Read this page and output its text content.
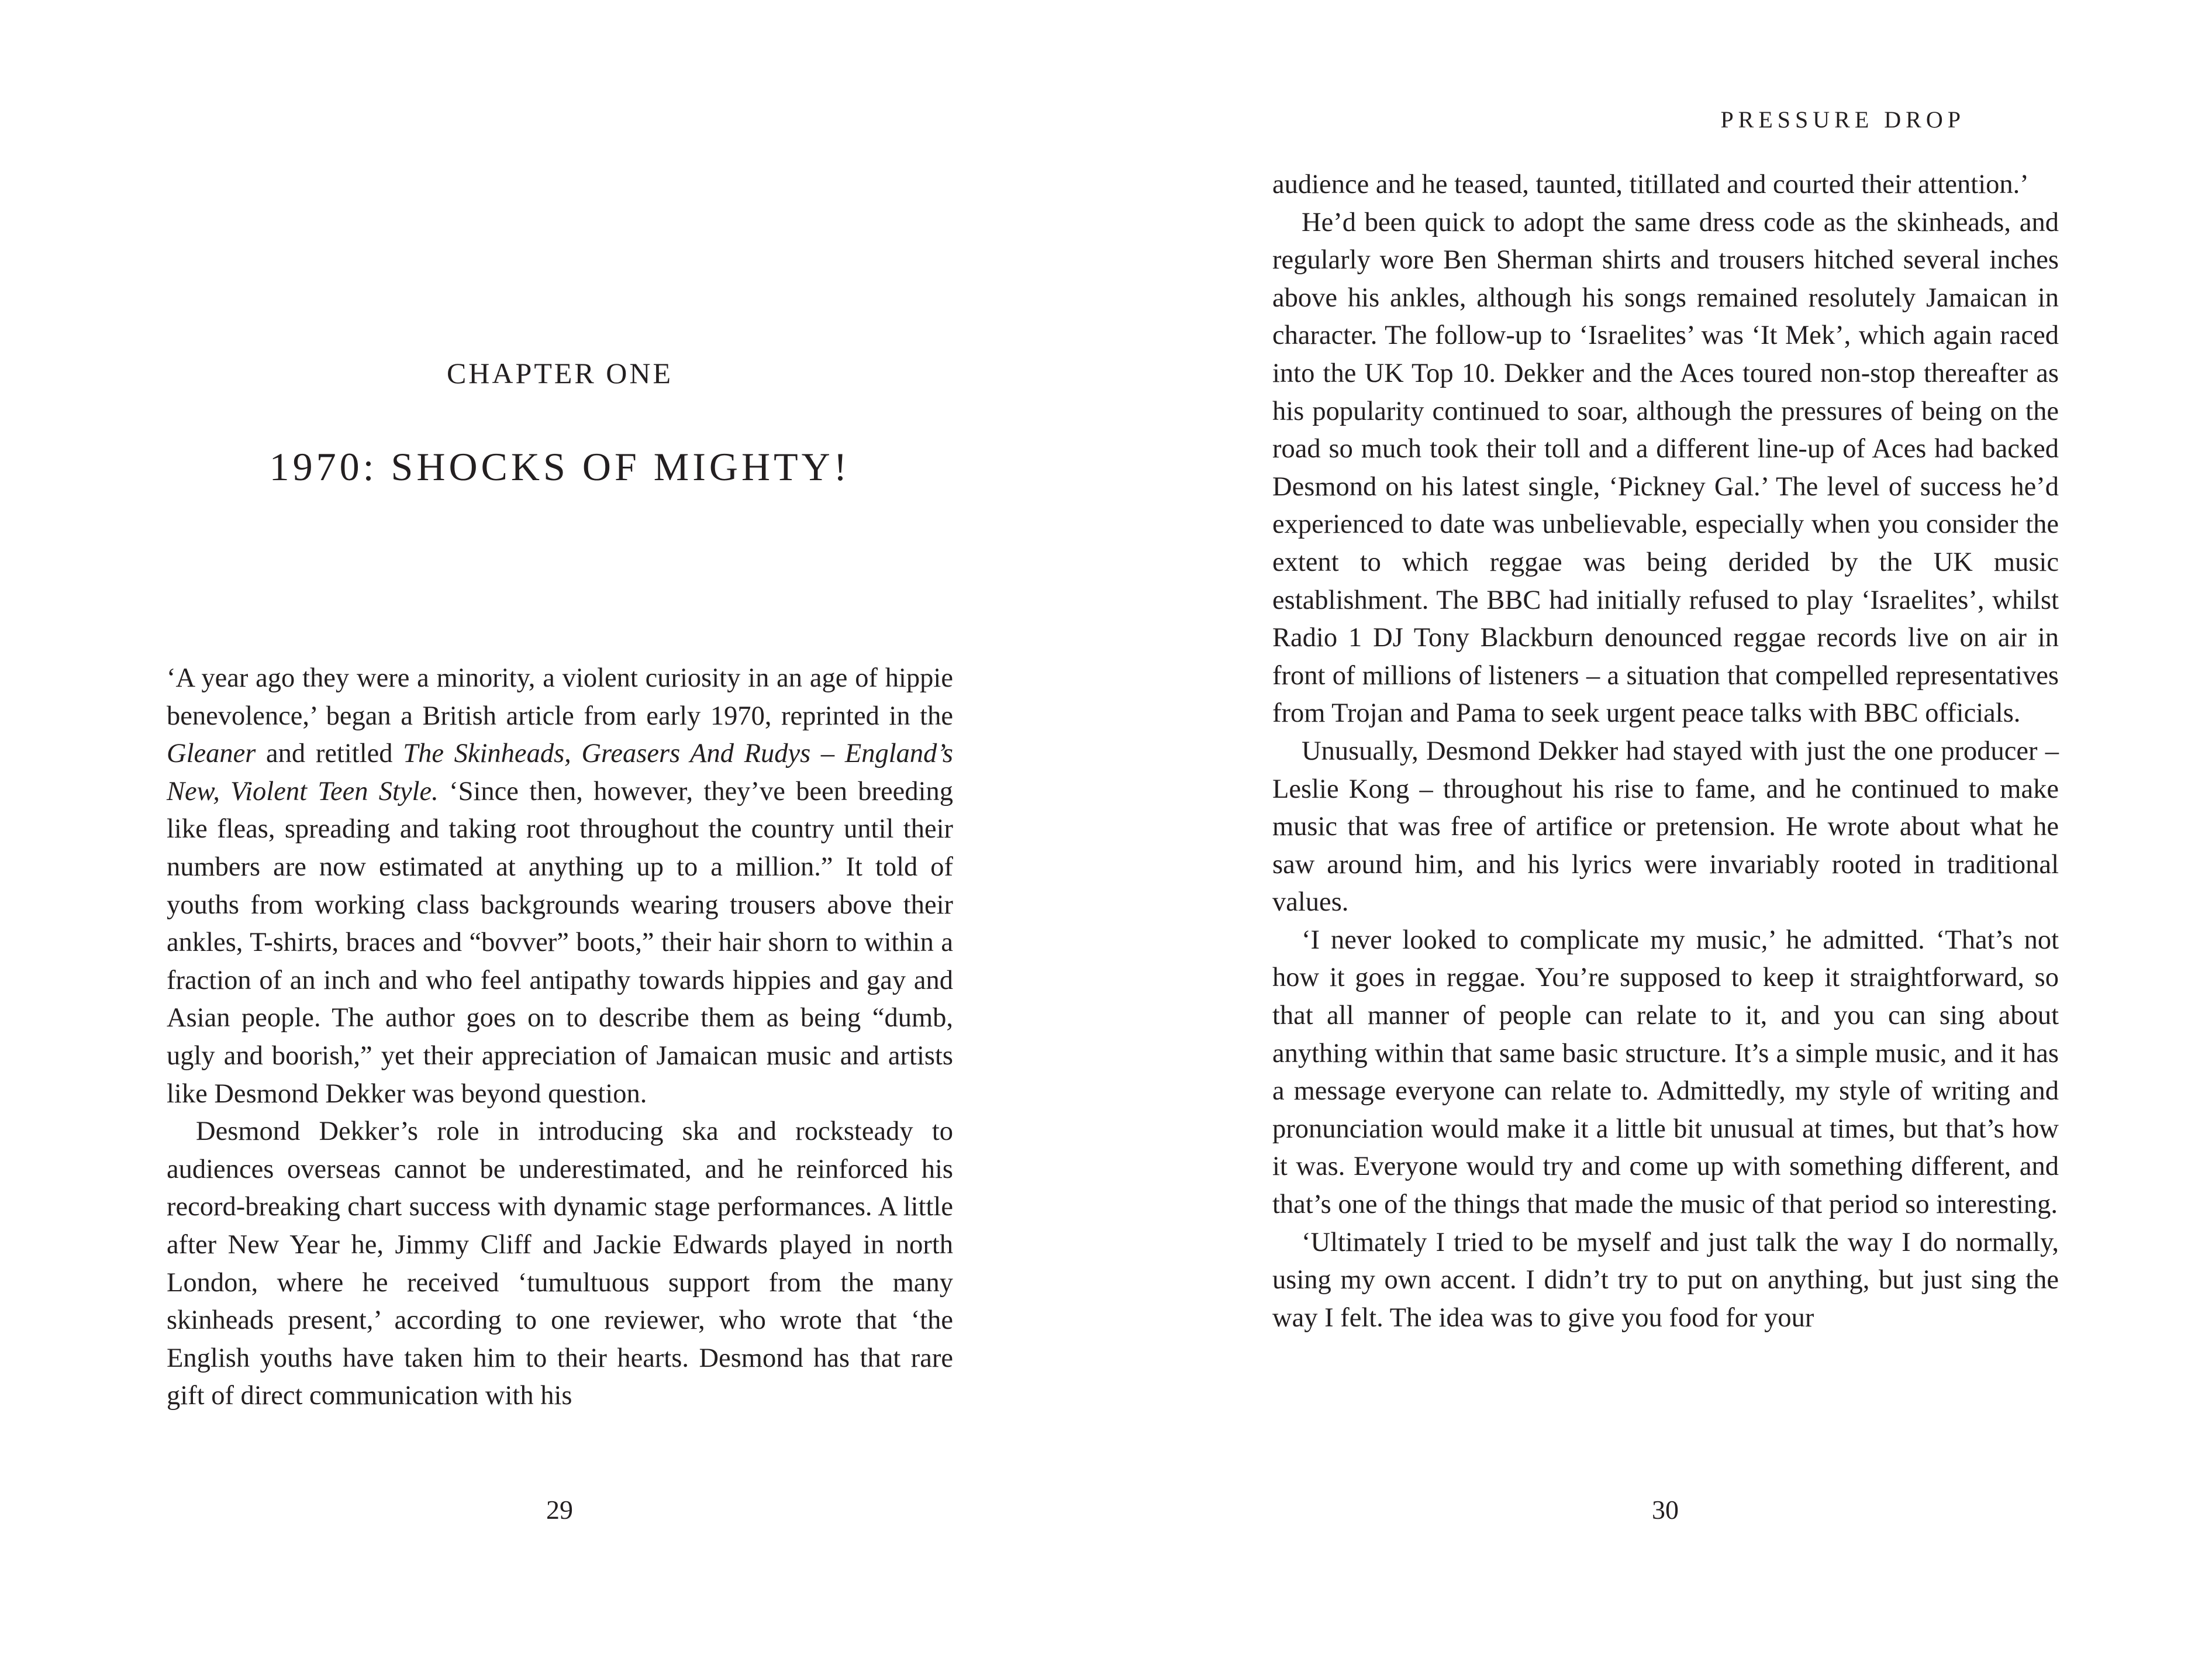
CHAPTER ONE
1970: SHOCKS OF MIGHTY!

‘A year ago they were a minority, a violent curiosity in an age of hippie benevolence,’ began a British article from early 1970, reprinted in the Gleaner and retitled The Skinheads, Greasers And Rudys – England’s New, Violent Teen Style. ‘Since then, however, they’ve been breeding like fleas, spreading and taking root throughout the country until their numbers are now estimated at anything up to a million.” It told of youths from working class backgrounds wearing trousers above their ankles, T-shirts, braces and “bovver” boots,” their hair shorn to within a fraction of an inch and who feel antipathy towards hippies and gay and Asian people. The author goes on to describe them as being “dumb, ugly and boorish,” yet their appreciation of Jamaican music and artists like Desmond Dekker was beyond question.

Desmond Dekker’s role in introducing ska and rocksteady to audiences overseas cannot be underestimated, and he reinforced his record-breaking chart success with dynamic stage performances. A little after New Year he, Jimmy Cliff and Jackie Edwards played in north London, where he received ‘tumultuous support from the many skinheads present,’ according to one reviewer, who wrote that ‘the English youths have taken him to their hearts. Desmond has that rare gift of direct communication with his

29
PRESSURE DROP

audience and he teased, taunted, titillated and courted their attention.’

He’d been quick to adopt the same dress code as the skinheads, and regularly wore Ben Sherman shirts and trousers hitched several inches above his ankles, although his songs remained resolutely Jamaican in character. The follow-up to ‘Israelites’ was ‘It Mek’, which again raced into the UK Top 10. Dekker and the Aces toured non-stop thereafter as his popularity continued to soar, although the pressures of being on the road so much took their toll and a different line-up of Aces had backed Desmond on his latest single, ‘Pickney Gal.’ The level of success he’d experienced to date was unbelievable, especially when you consider the extent to which reggae was being derided by the UK music establishment. The BBC had initially refused to play ‘Israelites’, whilst Radio 1 DJ Tony Blackburn denounced reggae records live on air in front of millions of listeners – a situation that compelled representatives from Trojan and Pama to seek urgent peace talks with BBC officials.

Unusually, Desmond Dekker had stayed with just the one producer – Leslie Kong – throughout his rise to fame, and he continued to make music that was free of artifice or pretension. He wrote about what he saw around him, and his lyrics were invariably rooted in traditional values.

‘I never looked to complicate my music,’ he admitted. ‘That’s not how it goes in reggae. You’re supposed to keep it straightforward, so that all manner of people can relate to it, and you can sing about anything within that same basic structure. It’s a simple music, and it has a message everyone can relate to. Admittedly, my style of writing and pronunciation would make it a little bit unusual at times, but that’s how it was. Everyone would try and come up with something different, and that’s one of the things that made the music of that period so interesting.

‘Ultimately I tried to be myself and just talk the way I do normally, using my own accent. I didn’t try to put on anything, but just sing the way I felt. The idea was to give you food for your

30
